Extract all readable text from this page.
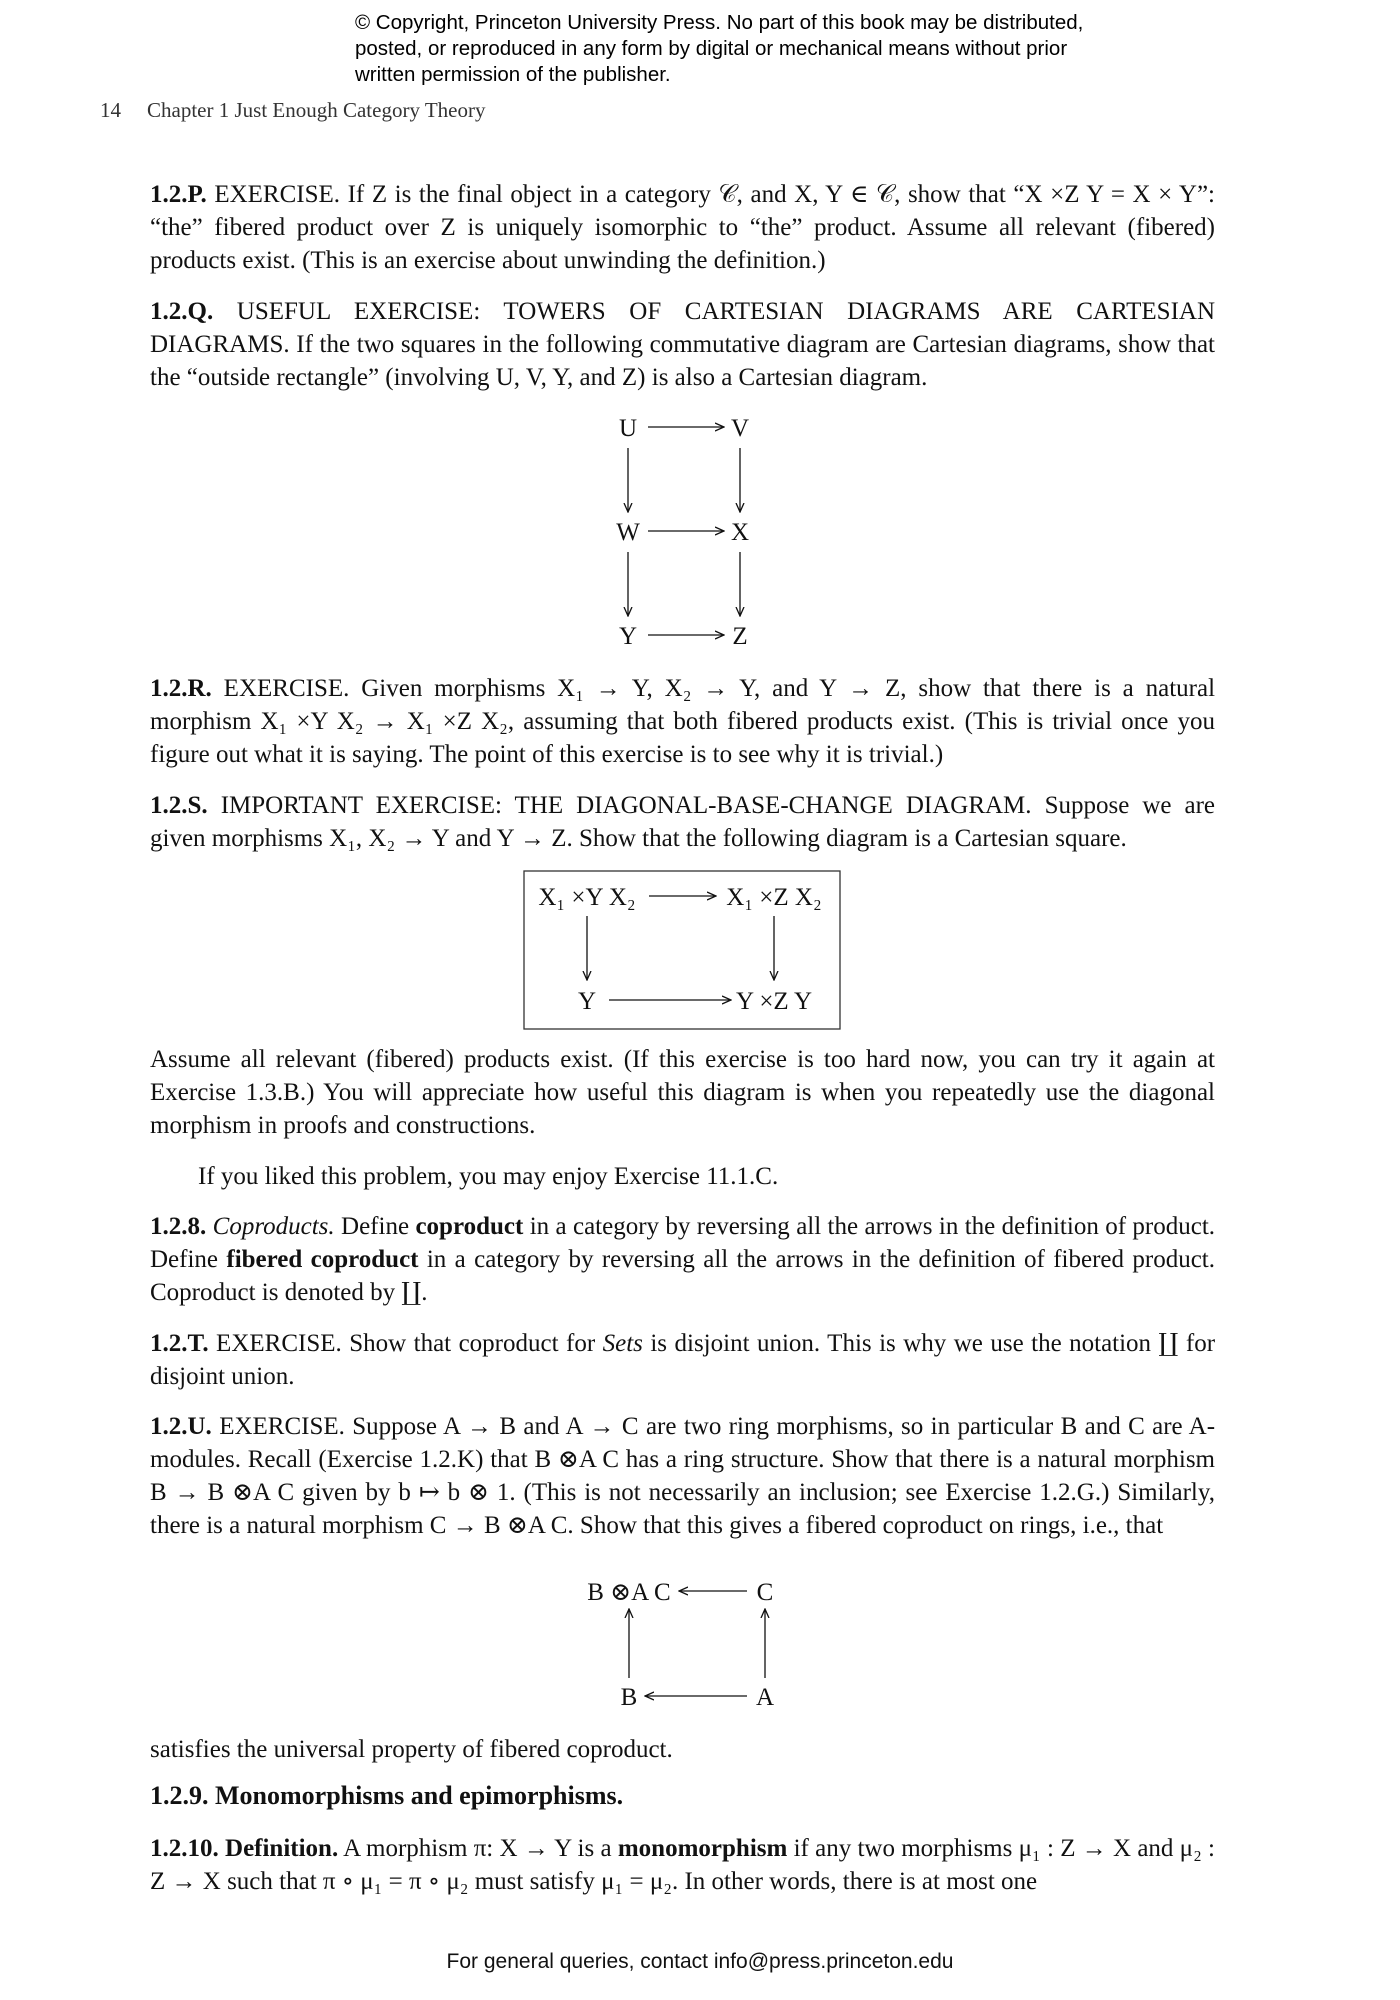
© Copyright, Princeton University Press. No part of this book may be distributed, posted, or reproduced in any form by digital or mechanical means without prior written permission of the publisher.
14 Chapter 1 Just Enough Category Theory
1.2.P. EXERCISE. If Z is the final object in a category 𝒞, and X, Y ∈ 𝒞, show that “X ×Z Y = X × Y”: “the” fibered product over Z is uniquely isomorphic to “the” product. Assume all relevant (fibered) products exist. (This is an exercise about unwinding the definition.)
1.2.Q. USEFUL EXERCISE: TOWERS OF CARTESIAN DIAGRAMS ARE CARTESIAN DIAGRAMS. If the two squares in the following commutative diagram are Cartesian diagrams, show that the “outside rectangle” (involving U, V, Y, and Z) is also a Cartesian diagram.
U	V
W	X
Y	Z
1.2.R. EXERCISE. Given morphisms X₁ → Y, X₂ → Y, and Y → Z, show that there is a natural morphism X₁ ×Y X₂ → X₁ ×Z X₂, assuming that both fibered products exist. (This is trivial once you figure out what it is saying. The point of this exercise is to see why it is trivial.)
1.2.S. IMPORTANT EXERCISE: THE DIAGONAL-BASE-CHANGE DIAGRAM. Suppose we are given morphisms X₁, X₂ → Y and Y → Z. Show that the following diagram is a Cartesian square.
X₁ ×Y X₂	X₁ ×Z X₂
Y	Y ×Z Y
Assume all relevant (fibered) products exist. (If this exercise is too hard now, you can try it again at Exercise 1.3.B.) You will appreciate how useful this diagram is when you repeatedly use the diagonal morphism in proofs and constructions.
If you liked this problem, you may enjoy Exercise 11.1.C.
1.2.8. Coproducts. Define coproduct in a category by reversing all the arrows in the definition of product. Define fibered coproduct in a category by reversing all the arrows in the definition of fibered product. Coproduct is denoted by ∐.
1.2.T. EXERCISE. Show that coproduct for Sets is disjoint union. This is why we use the notation ∐ for disjoint union.
1.2.U. EXERCISE. Suppose A → B and A → C are two ring morphisms, so in particular B and C are A-modules. Recall (Exercise 1.2.K) that B ⊗A C has a ring structure. Show that there is a natural morphism B → B ⊗A C given by b ↦ b ⊗ 1. (This is not necessarily an inclusion; see Exercise 1.2.G.) Similarly, there is a natural morphism C → B ⊗A C. Show that this gives a fibered coproduct on rings, i.e., that
B ⊗A C	C
B	A
satisfies the universal property of fibered coproduct.
1.2.9. Monomorphisms and epimorphisms.
1.2.10. Definition. A morphism π: X → Y is a monomorphism if any two morphisms μ₁ : Z → X and μ₂ : Z → X such that π ∘ μ₁ = π ∘ μ₂ must satisfy μ₁ = μ₂. In other words, there is at most one
For general queries, contact info@press.princeton.edu
